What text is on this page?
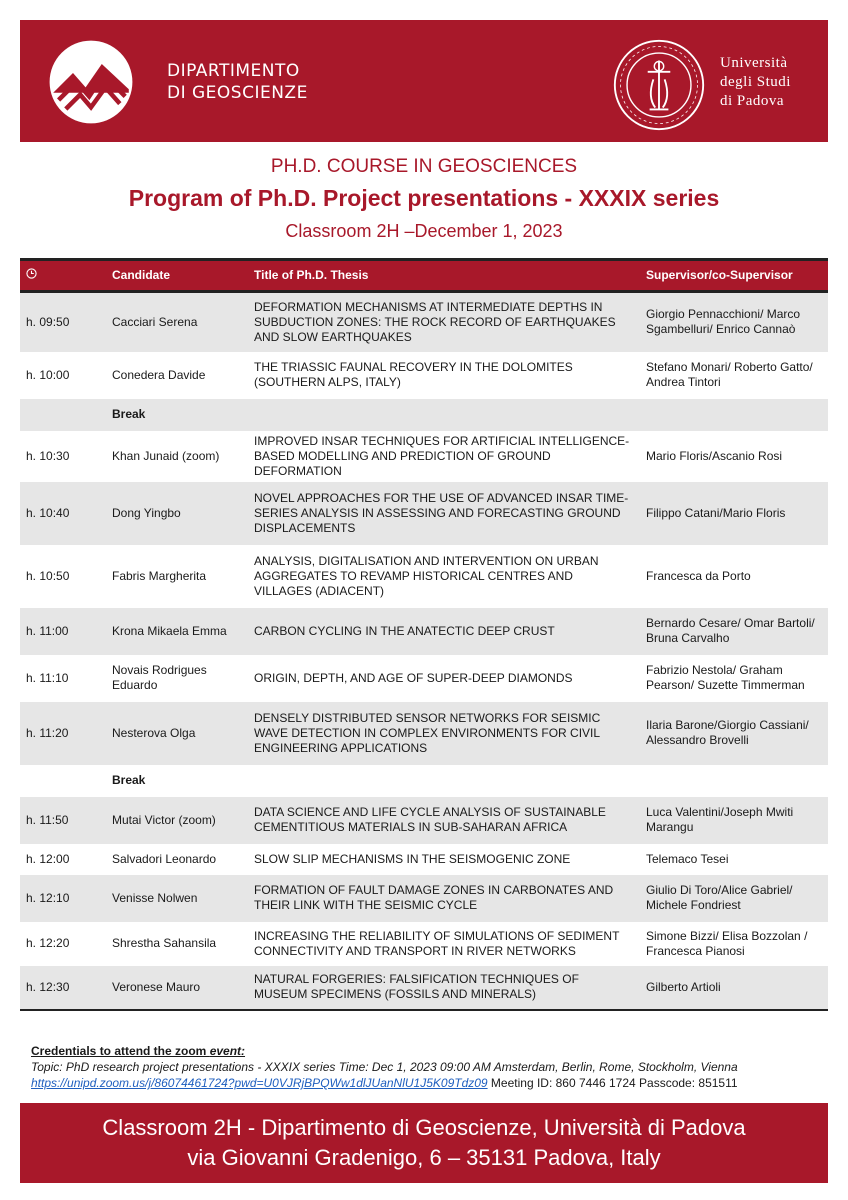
DIPARTIMENTO
DI GEOSCIENZE
Università
degli Studi
di Padova
PH.D. COURSE IN GEOSCIENCES
Program of Ph.D. Project presentations - XXXIX series
Classroom 2H –December 1, 2023
	Candidate	Title of Ph.D. Thesis	Supervisor/co-Supervisor
h. 09:50	Cacciari Serena	DEFORMATION MECHANISMS AT INTERMEDIATE DEPTHS IN SUBDUCTION ZONES: THE ROCK RECORD OF EARTHQUAKES AND SLOW EARTHQUAKES	Giorgio Pennacchioni/ Marco Sgambelluri/ Enrico Cannaò
h. 10:00	Conedera Davide	THE TRIASSIC FAUNAL RECOVERY IN THE DOLOMITES (SOUTHERN ALPS, ITALY)	Stefano Monari/ Roberto Gatto/ Andrea Tintori
	Break		
h. 10:30	Khan Junaid (zoom)	IMPROVED INSAR TECHNIQUES FOR ARTIFICIAL INTELLIGENCE-BASED MODELLING AND PREDICTION OF GROUND DEFORMATION	Mario Floris/Ascanio Rosi
h. 10:40	Dong Yingbo	NOVEL APPROACHES FOR THE USE OF ADVANCED INSAR TIME-SERIES ANALYSIS IN ASSESSING AND FORECASTING GROUND DISPLACEMENTS	Filippo Catani/Mario Floris
h. 10:50	Fabris Margherita	ANALYSIS, DIGITALISATION AND INTERVENTION ON URBAN AGGREGATES TO REVAMP HISTORICAL CENTRES AND VILLAGES (ADIACENT)	Francesca da Porto
h. 11:00	Krona Mikaela Emma	CARBON CYCLING IN THE ANATECTIC DEEP CRUST	Bernardo Cesare/ Omar Bartoli/ Bruna Carvalho
h. 11:10	Novais Rodrigues Eduardo	ORIGIN, DEPTH, AND AGE OF SUPER-DEEP DIAMONDS	Fabrizio Nestola/ Graham Pearson/ Suzette Timmerman
h. 11:20	Nesterova Olga	DENSELY DISTRIBUTED SENSOR NETWORKS FOR SEISMIC WAVE DETECTION IN COMPLEX ENVIRONMENTS FOR CIVIL ENGINEERING APPLICATIONS	Ilaria Barone/Giorgio Cassiani/ Alessandro Brovelli
	Break		
h. 11:50	Mutai Victor (zoom)	DATA SCIENCE AND LIFE CYCLE ANALYSIS OF SUSTAINABLE CEMENTITIOUS MATERIALS IN SUB-SAHARAN AFRICA	Luca Valentini/Joseph Mwiti Marangu
h. 12:00	Salvadori Leonardo	SLOW SLIP MECHANISMS IN THE SEISMOGENIC ZONE	Telemaco Tesei
h. 12:10	Venisse Nolwen	FORMATION OF FAULT DAMAGE ZONES IN CARBONATES AND THEIR LINK WITH THE SEISMIC CYCLE	Giulio Di Toro/Alice Gabriel/ Michele Fondriest
h. 12:20	Shrestha Sahansila	INCREASING THE RELIABILITY OF SIMULATIONS OF SEDIMENT CONNECTIVITY AND TRANSPORT IN RIVER NETWORKS	Simone Bizzi/ Elisa Bozzolan / Francesca Pianosi
h. 12:30	Veronese Mauro	NATURAL FORGERIES: FALSIFICATION TECHNIQUES OF MUSEUM SPECIMENS (FOSSILS AND MINERALS)	Gilberto Artioli
Credentials to attend the zoom event:
Topic: PhD research project presentations - XXXIX series Time: Dec 1, 2023 09:00 AM Amsterdam, Berlin, Rome, Stockholm, Vienna
https://unipd.zoom.us/j/86074461724?pwd=U0VJRjBPQWw1dlJUanNlU1J5K09Tdz09 Meeting ID: 860 7446 1724 Passcode: 851511
Classroom 2H - Dipartimento di Geoscienze, Università di Padova
via Giovanni Gradenigo, 6 – 35131 Padova, Italy
